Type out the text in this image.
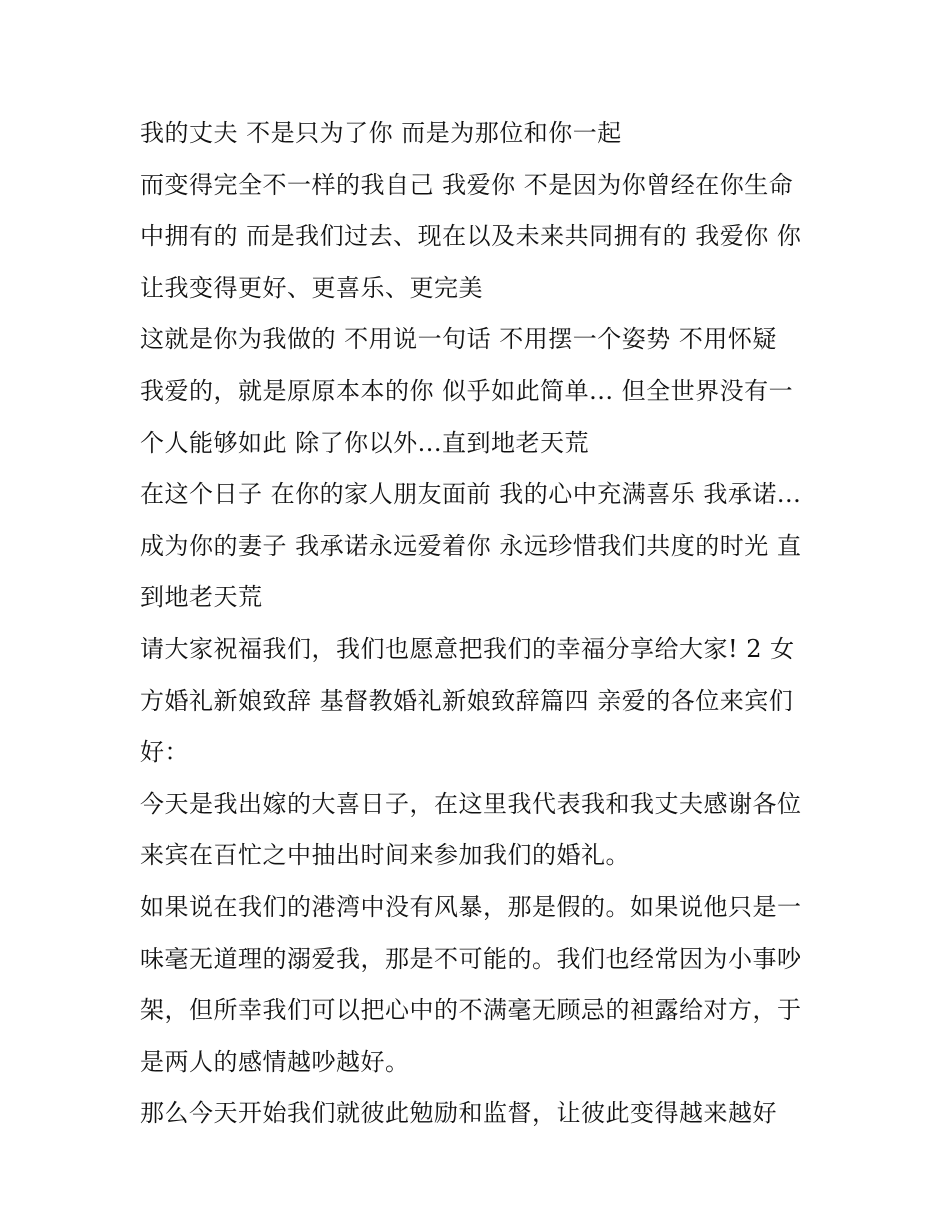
我的丈夫 不是只为了你 而是为那位和你一起
而变得完全不一样的我自己 我爱你 不是因为你曾经在你生命
中拥有的 而是我们过去、现在以及未来共同拥有的 我爱你 你
让我变得更好、更喜乐、更完美
这就是你为我做的 不用说一句话 不用摆一个姿势 不用怀疑
我爱的，就是原原本本的你 似乎如此简单... 但全世界没有一
个人能够如此 除了你以外...直到地老天荒
在这个日子 在你的家人朋友面前 我的心中充满喜乐 我承诺...
成为你的妻子 我承诺永远爱着你 永远珍惜我们共度的时光 直
到地老天荒
请大家祝福我们，我们也愿意把我们的幸福分享给大家! 2 女
方婚礼新娘致辞 基督教婚礼新娘致辞篇四 亲爱的各位来宾们
好：
今天是我出嫁的大喜日子，在这里我代表我和我丈夫感谢各位
来宾在百忙之中抽出时间来参加我们的婚礼。
如果说在我们的港湾中没有风暴，那是假的。如果说他只是一
味毫无道理的溺爱我，那是不可能的。我们也经常因为小事吵
架，但所幸我们可以把心中的不满毫无顾忌的袒露给对方，于
是两人的感情越吵越好。
那么今天开始我们就彼此勉励和监督，让彼此变得越来越好
